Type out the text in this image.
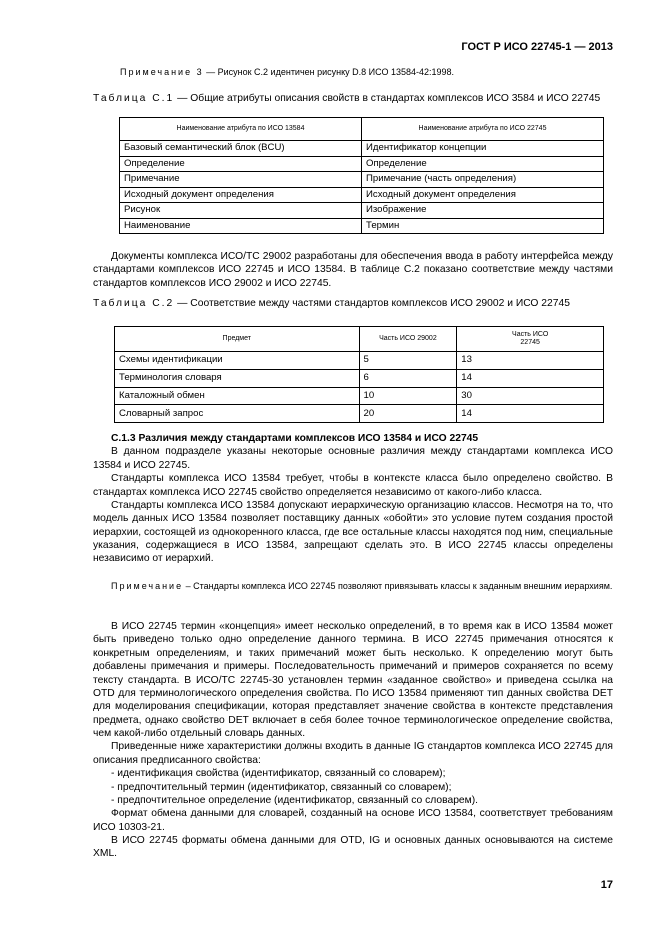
ГОСТ Р ИСО 22745-1 — 2013
Примечание 3 — Рисунок С.2 идентичен рисунку D.8 ИСО 13584-42:1998.
Таблица С.1 — Общие атрибуты описания свойств в стандартах комплексов ИСО 3584 и ИСО 22745
Наименование атрибута по ИСО 13584	Наименование атрибута по ИСО 22745
Базовый семантический блок (BCU)	Идентификатор концепции
Определение	Определение
Примечание	Примечание (часть определения)
Исходный документ определения	Исходный документ определения
Рисунок	Изображение
Наименование	Термин

Документы комплекса ИСО/ТС 29002 разработаны для обеспечения ввода в работу интерфейса между стандартами комплексов ИСО 22745 и ИСО 13584. В таблице С.2 показано соответствие между частями стандартов комплексов ИСО 29002 и ИСО 22745.

Таблица С.2 — Соответствие между частями стандартов комплексов ИСО 29002 и ИСО 22745
Предмет	Часть ИСО 29002	Часть ИСО 22745
Схемы идентификации	5	13
Терминология словаря	6	14
Каталожный обмен	10	30
Словарный запрос	20	14

С.1.3 Различия между стандартами комплексов ИСО 13584 и ИСО 22745

В данном подразделе указаны некоторые основные различия между стандартами комплекса ИСО 13584 и ИСО 22745.

Стандарты комплекса ИСО 13584 требует, чтобы в контексте класса было определено свойство. В стандартах комплекса ИСО 22745 свойство определяется независимо от какого-либо класса.

Стандарты комплекса ИСО 13584 допускают иерархическую организацию классов. Несмотря на то, что модель данных ИСО 13584 позволяет поставщику данных «обойти» это условие путем создания простой иерархии, состоящей из однокоренного класса, где все остальные классы находятся под ним, специальные указания, содержащиеся в ИСО 13584, запрещают сделать это. В ИСО 22745 классы определены независимо от иерархий.

Примечание – Стандарты комплекса ИСО 22745 позволяют привязывать классы к заданным внешним иерархиям.

В ИСО 22745 термин «концепция» имеет несколько определений, в то время как в ИСО 13584 может быть приведено только одно определение данного термина. В ИСО 22745 примечания относятся к конкретным определениям, и таких примечаний может быть несколько. К определению могут быть добавлены примечания и примеры. Последовательность примечаний и примеров сохраняется по всему тексту стандарта. В ИСО/ТС 22745-30 установлен термин «заданное свойство» и приведена ссылка на OTD для терминологического определения свойства. По ИСО 13584 применяют тип данных свойства DET для моделирования спецификации, которая представляет значение свойства в контексте представления предмета, однако свойство DET включает в себя более точное терминологическое определение свойства, чем какой-либо отдельный словарь данных.

Приведенные ниже характеристики должны входить в данные IG стандартов комплекса ИСО 22745 для описания предписанного свойства:

- идентификация свойства (идентификатор, связанный со словарем);
- предпочтительный термин (идентификатор, связанный со словарем);
- предпочтительное определение (идентификатор, связанный со словарем).

Формат обмена данными для словарей, созданный на основе ИСО 13584, соответствует требованиям ИСО 10303-21.

В ИСО 22745 форматы обмена данными для OTD, IG и основных данных основываются на системе XML.

17
